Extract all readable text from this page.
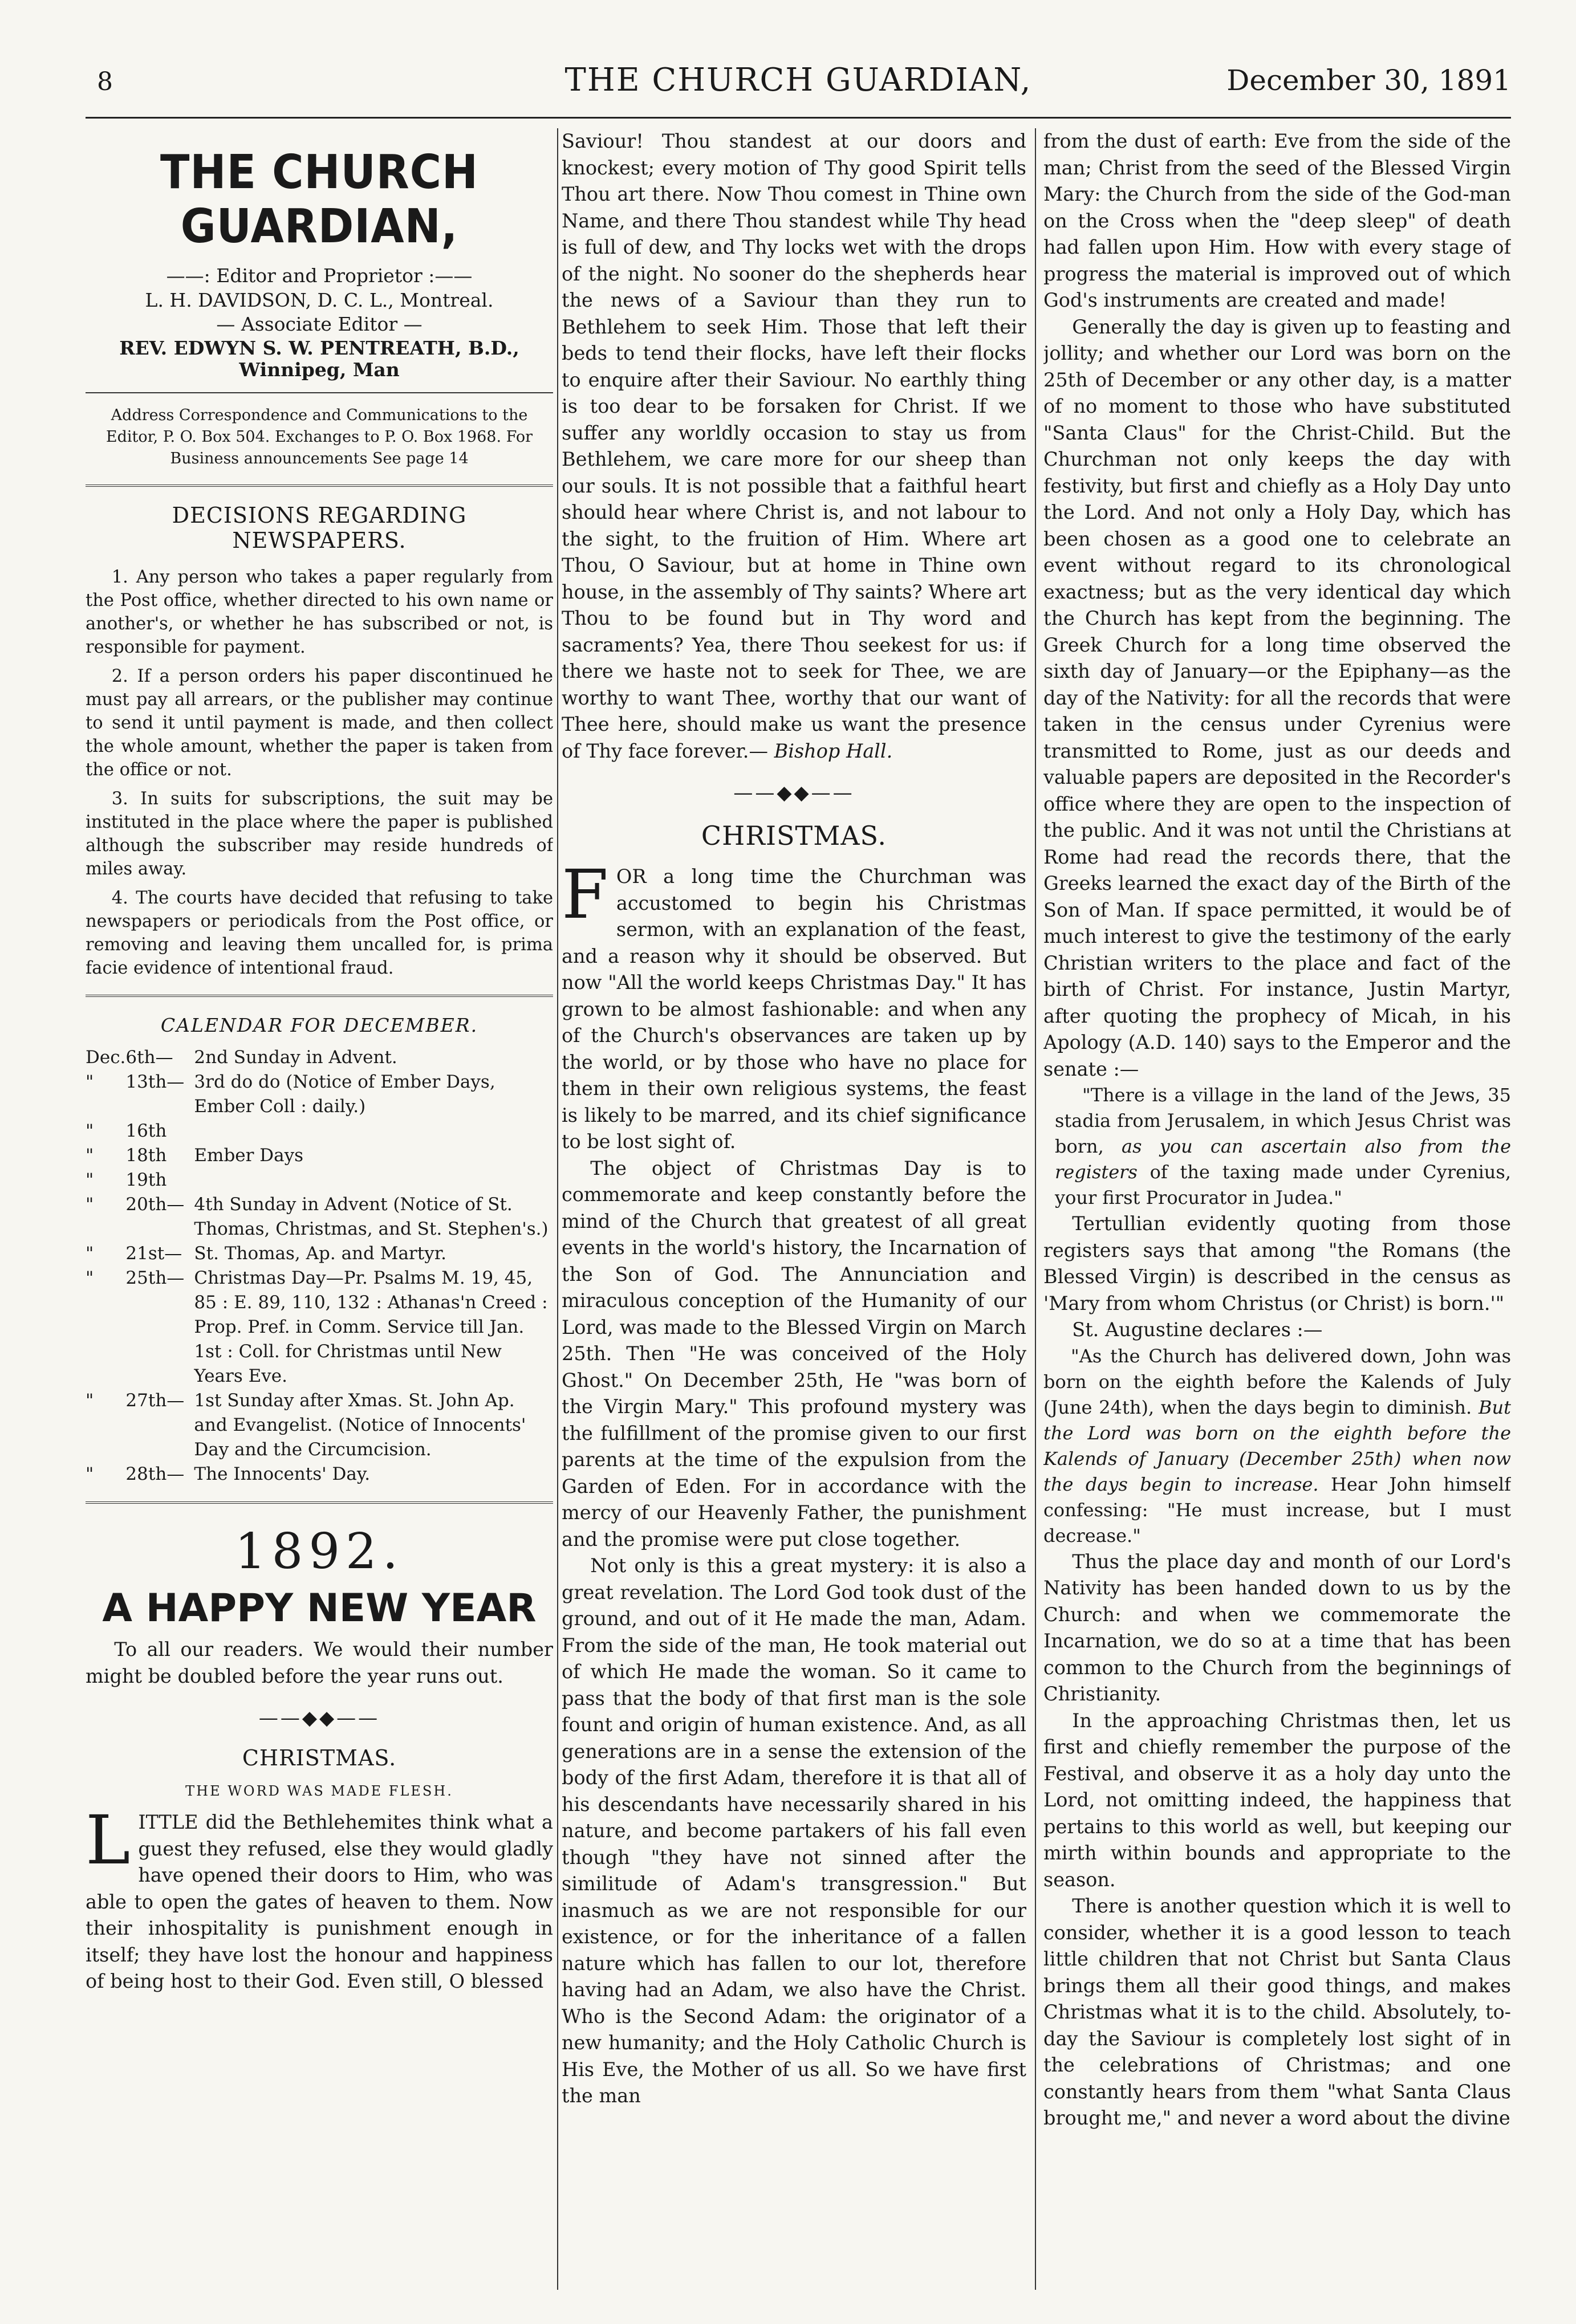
8	THE CHURCH GUARDIAN,	December 30, 1891
THE CHURCH GUARDIAN,
——: Editor and Proprietor :——
L. H. DAVIDSON, D. C. L., Montreal.
— Associate Editor —
REV. EDWYN S. W. PENTREATH, B.D., Winnipeg, Man
Address Correspondence and Communications to the Editor, P. O. Box 504. Exchanges to P. O. Box 1968. For Business announcements See page 14
DECISIONS REGARDING NEWSPAPERS.

1. Any person who takes a paper regularly from the Post office, whether directed to his own name or another's, or whether he has subscribed or not, is responsible for payment.

2. If a person orders his paper discontinued he must pay all arrears, or the publisher may continue to send it until payment is made, and then collect the whole amount, whether the paper is taken from the office or not.

3. In suits for subscriptions, the suit may be instituted in the place where the paper is published although the subscriber may reside hundreds of miles away.

4. The courts have decided that refusing to take newspapers or periodicals from the Post office, or removing and leaving them uncalled for, is prima facie evidence of intentional fraud.

CALENDAR FOR DECEMBER.
Dec.	6th—	2nd Sunday in Advent.
"	13th—	3rd do do (Notice of Ember Days, Ember Coll : daily.)
"	16th	
"	18th	Ember Days
"	19th	
"	20th—	4th Sunday in Advent (Notice of St. Thomas, Christmas, and St. Stephen's.)
"	21st—	St. Thomas, Ap. and Martyr.
"	25th—	Christmas Day—Pr. Psalms M. 19, 45, 85 : E. 89, 110, 132 : Athanas'n Creed : Prop. Pref. in Comm. Service till Jan. 1st : Coll. for Christmas until New Years Eve.
"	27th—	1st Sunday after Xmas. St. John Ap. and Evangelist. (Notice of Innocents' Day and the Circumcision.
"	28th—	The Innocents' Day.
1892.
A HAPPY NEW YEAR

To all our readers. We would their number might be doubled before the year runs out.

——◆◆——
CHRISTMAS.
THE WORD WAS MADE FLESH.

LITTLE did the Bethlehemites think what a guest they refused, else they would gladly have opened their doors to Him, who was able to open the gates of heaven to them. Now their inhospitality is punishment enough in itself; they have lost the honour and happiness of being host to their God. Even still, O blessed

Saviour! Thou standest at our doors and knockest; every motion of Thy good Spirit tells Thou art there. Now Thou comest in Thine own Name, and there Thou standest while Thy head is full of dew, and Thy locks wet with the drops of the night. No sooner do the shepherds hear the news of a Saviour than they run to Bethlehem to seek Him. Those that left their beds to tend their flocks, have left their flocks to enquire after their Saviour. No earthly thing is too dear to be forsaken for Christ. If we suffer any worldly occasion to stay us from Bethlehem, we care more for our sheep than our souls. It is not possible that a faithful heart should hear where Christ is, and not labour to the sight, to the fruition of Him. Where art Thou, O Saviour, but at home in Thine own house, in the assembly of Thy saints? Where art Thou to be found but in Thy word and sacraments? Yea, there Thou seekest for us: if there we haste not to seek for Thee, we are worthy to want Thee, worthy that our want of Thee here, should make us want the presence of Thy face forever.— Bishop Hall.

——◆◆——
CHRISTMAS.

FOR a long time the Churchman was accustomed to begin his Christmas sermon, with an explanation of the feast, and a reason why it should be observed. But now "All the world keeps Christmas Day." It has grown to be almost fashionable: and when any of the Church's observances are taken up by the world, or by those who have no place for them in their own religious systems, the feast is likely to be marred, and its chief significance to be lost sight of.

The object of Christmas Day is to commemorate and keep constantly before the mind of the Church that greatest of all great events in the world's history, the Incarnation of the Son of God. The Annunciation and miraculous conception of the Humanity of our Lord, was made to the Blessed Virgin on March 25th. Then "He was conceived of the Holy Ghost." On December 25th, He "was born of the Virgin Mary." This profound mystery was the fulfillment of the promise given to our first parents at the time of the expulsion from the Garden of Eden. For in accordance with the mercy of our Heavenly Father, the punishment and the promise were put close together.

Not only is this a great mystery: it is also a great revelation. The Lord God took dust of the ground, and out of it He made the man, Adam. From the side of the man, He took material out of which He made the woman. So it came to pass that the body of that first man is the sole fount and origin of human existence. And, as all generations are in a sense the extension of the body of the first Adam, therefore it is that all of his descendants have necessarily shared in his nature, and become partakers of his fall even though "they have not sinned after the similitude of Adam's transgression." But inasmuch as we are not responsible for our existence, or for the inheritance of a fallen nature which has fallen to our lot, therefore having had an Adam, we also have the Christ. Who is the Second Adam: the originator of a new humanity; and the Holy Catholic Church is His Eve, the Mother of us all. So we have first the man

from the dust of earth: Eve from the side of the man; Christ from the seed of the Blessed Virgin Mary: the Church from the side of the God-man on the Cross when the "deep sleep" of death had fallen upon Him. How with every stage of progress the material is improved out of which God's instruments are created and made!

Generally the day is given up to feasting and jollity; and whether our Lord was born on the 25th of December or any other day, is a matter of no moment to those who have substituted "Santa Claus" for the Christ-Child. But the Churchman not only keeps the day with festivity, but first and chiefly as a Holy Day unto the Lord. And not only a Holy Day, which has been chosen as a good one to celebrate an event without regard to its chronological exactness; but as the very identical day which the Church has kept from the beginning. The Greek Church for a long time observed the sixth day of January—or the Epiphany—as the day of the Nativity: for all the records that were taken in the census under Cyrenius were transmitted to Rome, just as our deeds and valuable papers are deposited in the Recorder's office where they are open to the inspection of the public. And it was not until the Christians at Rome had read the records there, that the Greeks learned the exact day of the Birth of the Son of Man. If space permitted, it would be of much interest to give the testimony of the early Christian writers to the place and fact of the birth of Christ. For instance, Justin Martyr, after quoting the prophecy of Micah, in his Apology (A.D. 140) says to the Emperor and the senate :—

"There is a village in the land of the Jews, 35 stadia from Jerusalem, in which Jesus Christ was born, as you can ascertain also from the registers of the taxing made under Cyrenius, your first Procurator in Judea."

Tertullian evidently quoting from those registers says that among "the Romans (the Blessed Virgin) is described in the census as 'Mary from whom Christus (or Christ) is born.'"

St. Augustine declares :—

"As the Church has delivered down, John was born on the eighth before the Kalends of July (June 24th), when the days begin to diminish. But the Lord was born on the eighth before the Kalends of January (December 25th) when now the days begin to increase. Hear John himself confessing: "He must increase, but I must decrease."

Thus the place day and month of our Lord's Nativity has been handed down to us by the Church: and when we commemorate the Incarnation, we do so at a time that has been common to the Church from the beginnings of Christianity.

In the approaching Christmas then, let us first and chiefly remember the purpose of the Festival, and observe it as a holy day unto the Lord, not omitting indeed, the happiness that pertains to this world as well, but keeping our mirth within bounds and appropriate to the season.

There is another question which it is well to consider, whether it is a good lesson to teach little children that not Christ but Santa Claus brings them all their good things, and makes Christmas what it is to the child. Absolutely, to-day the Saviour is completely lost sight of in the celebrations of Christmas; and one constantly hears from them "what Santa Claus brought me," and never a word about the divine
